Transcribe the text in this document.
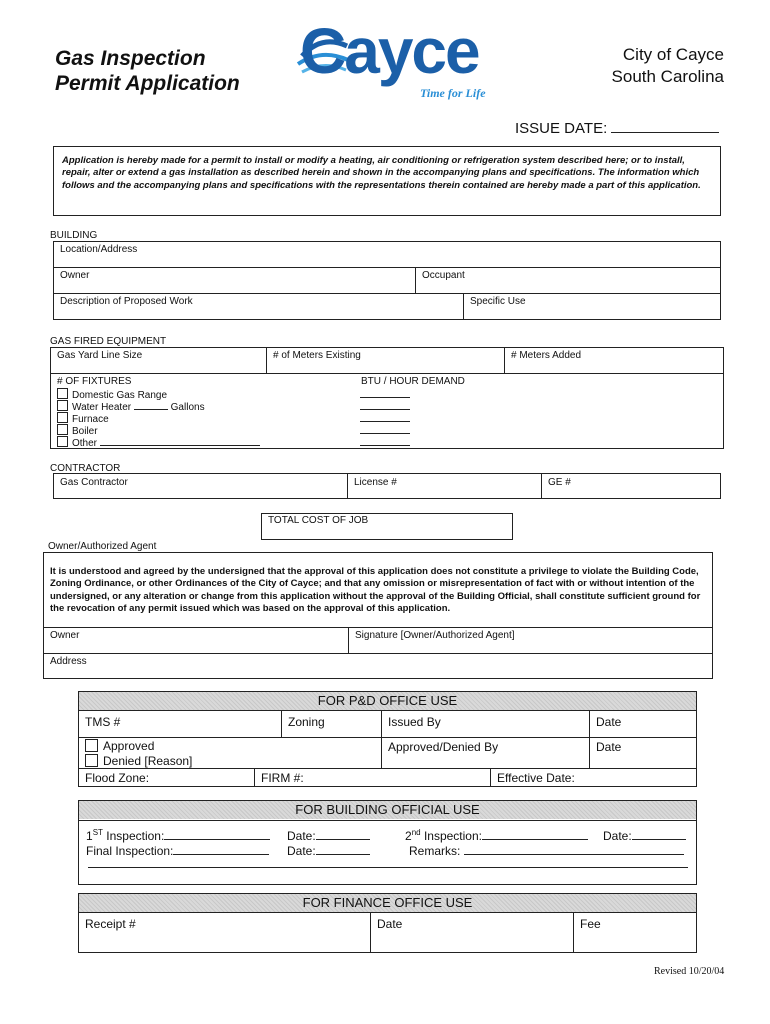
Gas Inspection
Permit Application Cayce
Time for Life
City of Cayce
South Carolina
ISSUE DATE:
Application is hereby made for a permit to install or modify a heating, air conditioning or refrigeration system described here; or to install, repair, alter or extend a gas installation as described herein and shown in the accompanying plans and specifications. The information which follows and the accompanying plans and specifications with the representations therein contained are hereby made a part of this application.
BUILDING
Location/Address
Owner	Occupant
Description of Proposed Work	Specific Use
GAS FIRED EQUIPMENT
Gas Yard Line Size	# of Meters Existing	# Meters Added
# OF FIXTURES	BTU / HOUR DEMAND
Domestic Gas Range
Water Heater	Gallons
Furnace
Boiler
Other
CONTRACTOR
Gas Contractor	License #	GE #
TOTAL COST OF JOB
Owner/Authorized Agent
It is understood and agreed by the undersigned that the approval of this application does not constitute a privilege to violate the Building Code, Zoning Ordinance, or other Ordinances of the City of Cayce; and that any omission or misrepresentation of fact with or without intention of the undersigned, or any alteration or change from this application without the approval of the Building Official, shall constitute sufficient ground for the revocation of any permit issued which was based on the approval of this application.
Owner	Signature [Owner/Authorized Agent]
Address
FOR P&D OFFICE USE
TMS #	Zoning	Issued By	Date
Approved
Denied [Reason]
Approved/Denied By	Date
Flood Zone:	FIRM #:	Effective Date:
FOR BUILDING OFFICIAL USE
1ST Inspection:	Date:	2nd Inspection:	Date:
Final Inspection:	Date:	Remarks:
FOR FINANCE OFFICE USE
Receipt #	Date	Fee
Revised 10/20/04
